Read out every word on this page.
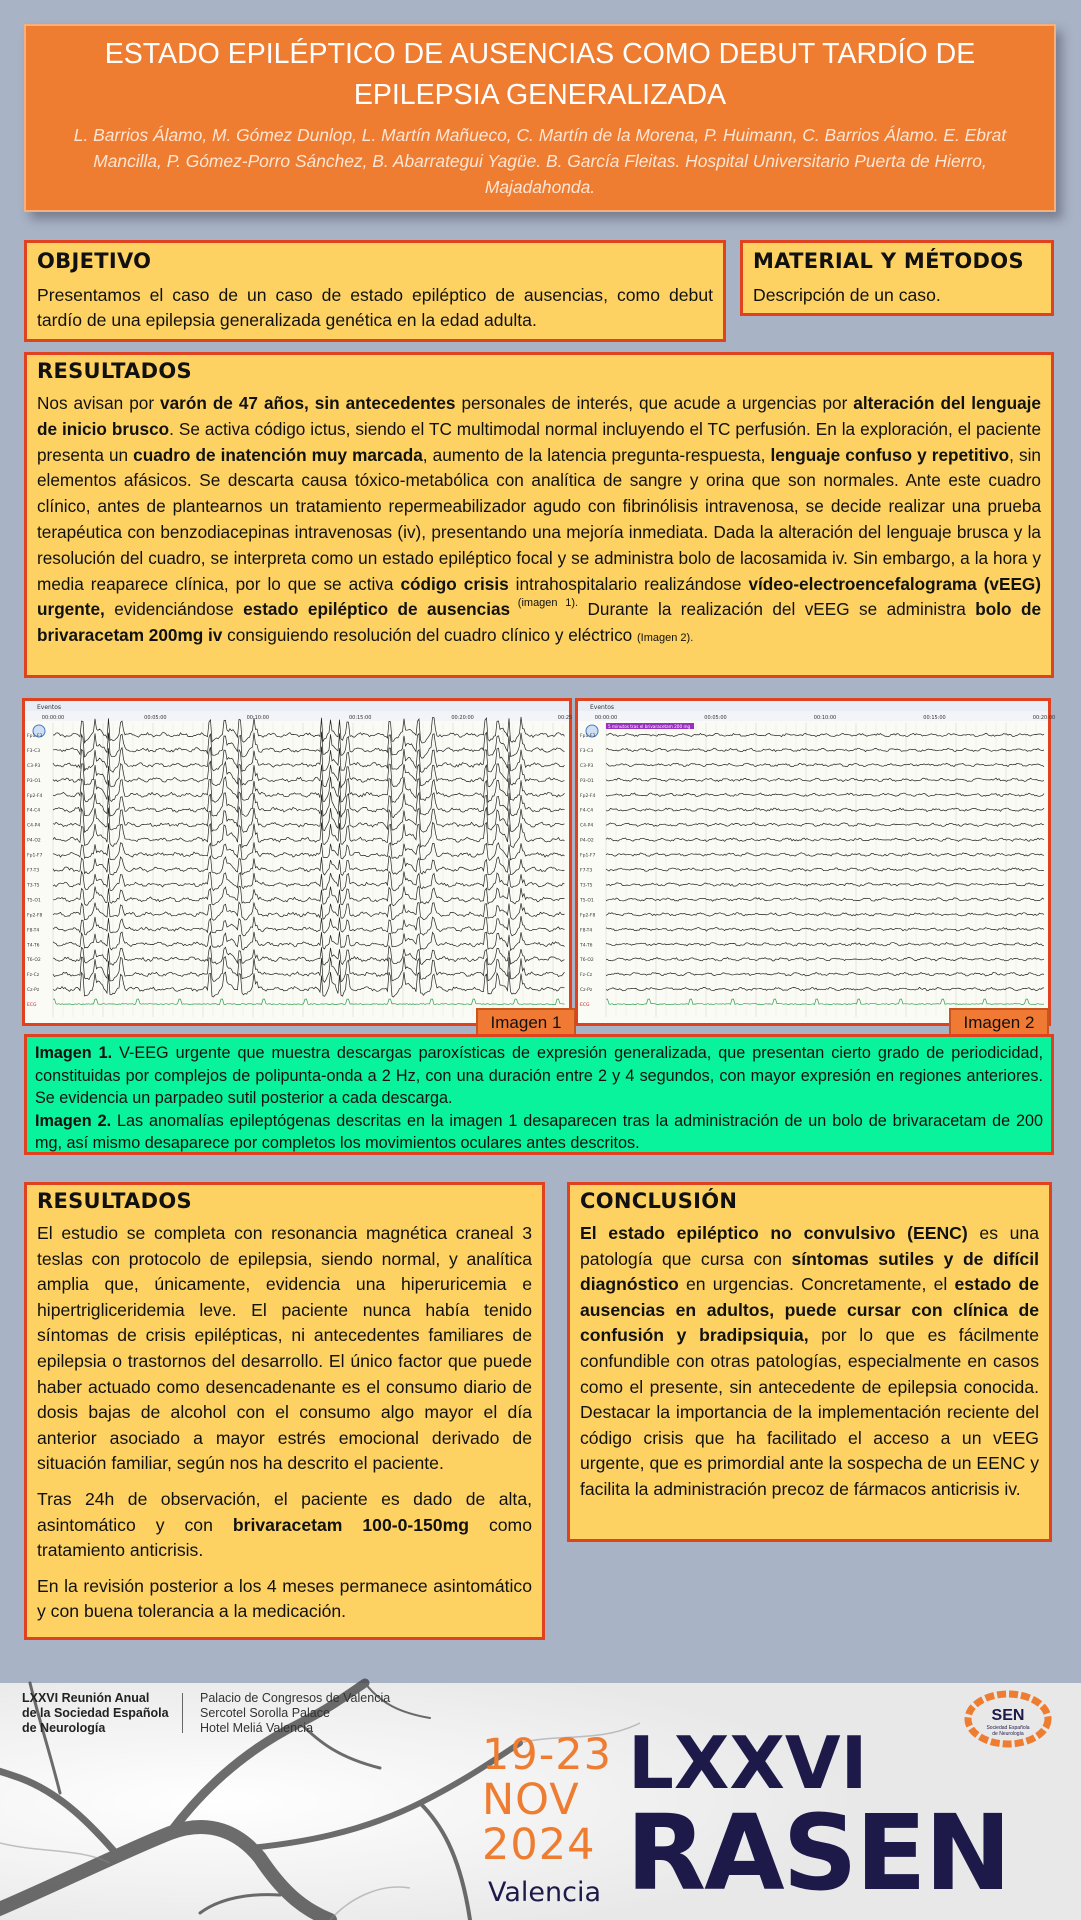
ESTADO EPILÉPTICO DE AUSENCIAS COMO DEBUT TARDÍO DE EPILEPSIA GENERALIZADA
L. Barrios Álamo, M. Gómez Dunlop, L. Martín Mañueco, C. Martín de la Morena, P. Huimann, C. Barrios Álamo. E. Ebrat Mancilla, P. Gómez-Porro Sánchez, B. Abarrategui Yagüe. B. García Fleitas. Hospital Universitario Puerta de Hierro, Majadahonda.
OBJETIVO

Presentamos el caso de un caso de estado epiléptico de ausencias, como debut tardío de una epilepsia generalizada genética en la edad adulta.

MATERIAL Y MÉTODOS

Descripción de un caso.

RESULTADOS

Nos avisan por varón de 47 años, sin antecedentes personales de interés, que acude a urgencias por alteración del lenguaje de inicio brusco. Se activa código ictus, siendo el TC multimodal normal incluyendo el TC perfusión. En la exploración, el paciente presenta un cuadro de inatención muy marcada, aumento de la latencia pregunta-respuesta, lenguaje confuso y repetitivo, sin elementos afásicos. Se descarta causa tóxico-metabólica con analítica de sangre y orina que son normales. Ante este cuadro clínico, antes de plantearnos un tratamiento repermeabilizador agudo con fibrinólisis intravenosa, se decide realizar una prueba terapéutica con benzodiacepinas intravenosas (iv), presentando una mejoría inmediata. Dada la alteración del lenguaje brusca y la resolución del cuadro, se interpreta como un estado epiléptico focal y se administra bolo de lacosamida iv. Sin embargo, a la hora y media reaparece clínica, por lo que se activa código crisis intrahospitalario realizándose vídeo-electroencefalograma (vEEG) urgente, evidenciándose estado epiléptico de ausencias $^{(imagen 1).}$ Durante la realización del vEEG se administra bolo de brivaracetam 200mg iv consiguiendo resolución del cuadro clínico y eléctrico (Imagen 2).

Eventos
00:00:00	00:05:00	00:10:00	00:15:00	00:20:00	00:25
Fp1-F3
F3-C3
C3-P3
P3-O1
Fp2-F4
F4-C4
C4-P4
P4-O2
Fp1-F7
F7-T3
T3-T5
T5-O1
Fp2-F8
F8-T4
T4-T6
T6-O2
Fz-Cz
Cz-Pz
ECG
Imagen 1
Eventos
00:00:00	00:05:00	00:10:00	00:15:00	00:20:00
5 minutos tras el brivaracetam 200 mg
Fp1-F3
F3-C3
C3-P3
P3-O1
Fp2-F4
F4-C4
C4-P4
P4-O2
Fp1-F7
F7-T3
T3-T5
T5-O1
Fp2-F8
F8-T4
T4-T6
T6-O2
Fz-Cz
Cz-Pz
ECG
Imagen 2

Imagen 1. V-EEG urgente que muestra descargas paroxísticas de expresión generalizada, que presentan cierto grado de periodicidad, constituidas por complejos de polipunta-onda a 2 Hz, con una duración entre 2 y 4 segundos, con mayor expresión en regiones anteriores. Se evidencia un parpadeo sutil posterior a cada descarga.

Imagen 2. Las anomalías epileptógenas descritas en la imagen 1 desaparecen tras la administración de un bolo de brivaracetam de 200 mg, así mismo desaparece por completos los movimientos oculares antes descritos.

RESULTADOS

El estudio se completa con resonancia magnética craneal 3 teslas con protocolo de epilepsia, siendo normal, y analítica amplia que, únicamente, evidencia una hiperuricemia e hipertrigliceridemia leve. El paciente nunca había tenido síntomas de crisis epilépticas, ni antecedentes familiares de epilepsia o trastornos del desarrollo. El único factor que puede haber actuado como desencadenante es el consumo diario de dosis bajas de alcohol con el consumo algo mayor el día anterior asociado a mayor estrés emocional derivado de situación familiar, según nos ha descrito el paciente.

Tras 24h de observación, el paciente es dado de alta, asintomático y con brivaracetam 100-0-150mg como tratamiento anticrisis.

En la revisión posterior a los 4 meses permanece asintomático y con buena tolerancia a la medicación.

CONCLUSIÓN

El estado epiléptico no convulsivo (EENC) es una patología que cursa con síntomas sutiles y de difícil diagnóstico en urgencias. Concretamente, el estado de ausencias en adultos, puede cursar con clínica de confusión y bradipsiquia, por lo que es fácilmente confundible con otras patologías, especialmente en casos como el presente, sin antecedente de epilepsia conocida. Destacar la importancia de la implementación reciente del código crisis que ha facilitado el acceso a un vEEG urgente, que es primordial ante la sospecha de un EENC y facilita la administración precoz de fármacos anticrisis iv.

LXXVI Reunión Anual
de la Sociedad Española
de Neurología
Palacio de Congresos de Valencia
Sercotel Sorolla Palace
Hotel Meliá Valencia
19-23
NOV
2024
Valencia
LXXVI
RASEN
SEN
Sociedad Española
de Neurología
